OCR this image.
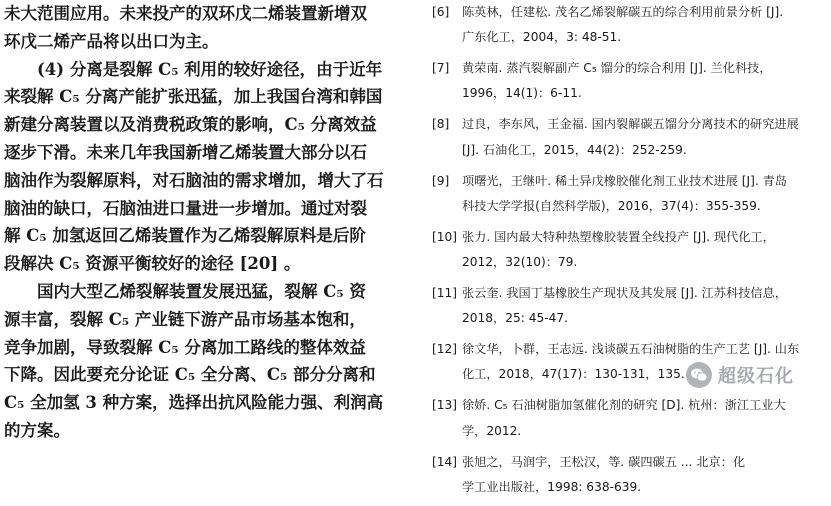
未大范围应用。未来投产的双环戊二烯装置新增双
环戊二烯产品将以出口为主。

(4) 分离是裂解 C₅ 利用的较好途径，由于近年
来裂解 C₅ 分离产能扩张迅猛，加上我国台湾和韩国
新建分离装置以及消费税政策的影响，C₅ 分离效益
逐步下滑。未来几年我国新增乙烯装置大部分以石
脑油作为裂解原料，对石脑油的需求增加，增大了石
脑油的缺口，石脑油进口量进一步增加。通过对裂
解 C₅ 加氢返回乙烯装置作为乙烯裂解原料是后阶
段解决 C₅ 资源平衡较好的途径 [20] 。

国内大型乙烯裂解装置发展迅猛，裂解 C₅ 资
源丰富，裂解 C₅ 产业链下游产品市场基本饱和，
竞争加剧，导致裂解 C₅ 分离加工路线的整体效益
下降。因此要充分论证 C₅ 全分离、C₅ 部分分离和
C₅ 全加氢 3 种方案，选择出抗风险能力强、利润高
的方案。

[6]	陈英林，任建松. 茂名乙烯裂解碳五的综合利用前景分析 [J].
广东化工，2004，3: 48-51.
[7]	黄荣南. 蒸汽裂解副产 C₅ 馏分的综合利用 [J]. 兰化科技，
1996，14(1)：6-11.
[8]	过良，李东风，王金福. 国内裂解碳五馏分分离技术的研究进展
[J]. 石油化工，2015，44(2)：252-259.
[9]	项曙光，王继叶. 稀土异戊橡胶催化剂工业技术进展 [J]. 青岛
科技大学学报(自然科学版)，2016，37(4)：355-359.
[10] 张力. 国内最大特种热塑橡胶装置全线投产 [J]. 现代化工，
2012，32(10)：79.
[11] 张云奎. 我国丁基橡胶生产现状及其发展 [J]. 江苏科技信息，
2018，25: 45-47.
[12] 徐文华，卜群，王志远. 浅谈碳五石油树脂的生产工艺 [J]. 山东
化工，2018，47(17)：130-131，135.
[13] 徐娇. C₅ 石油树脂加氢催化剂的研究 [D]. 杭州：浙江工业大
学，2012.
[14] 张旭之，马润宇，王松汉，等. 碳四碳五 ... 北京：化
学工业出版社，1998: 638-639.
超级石化
